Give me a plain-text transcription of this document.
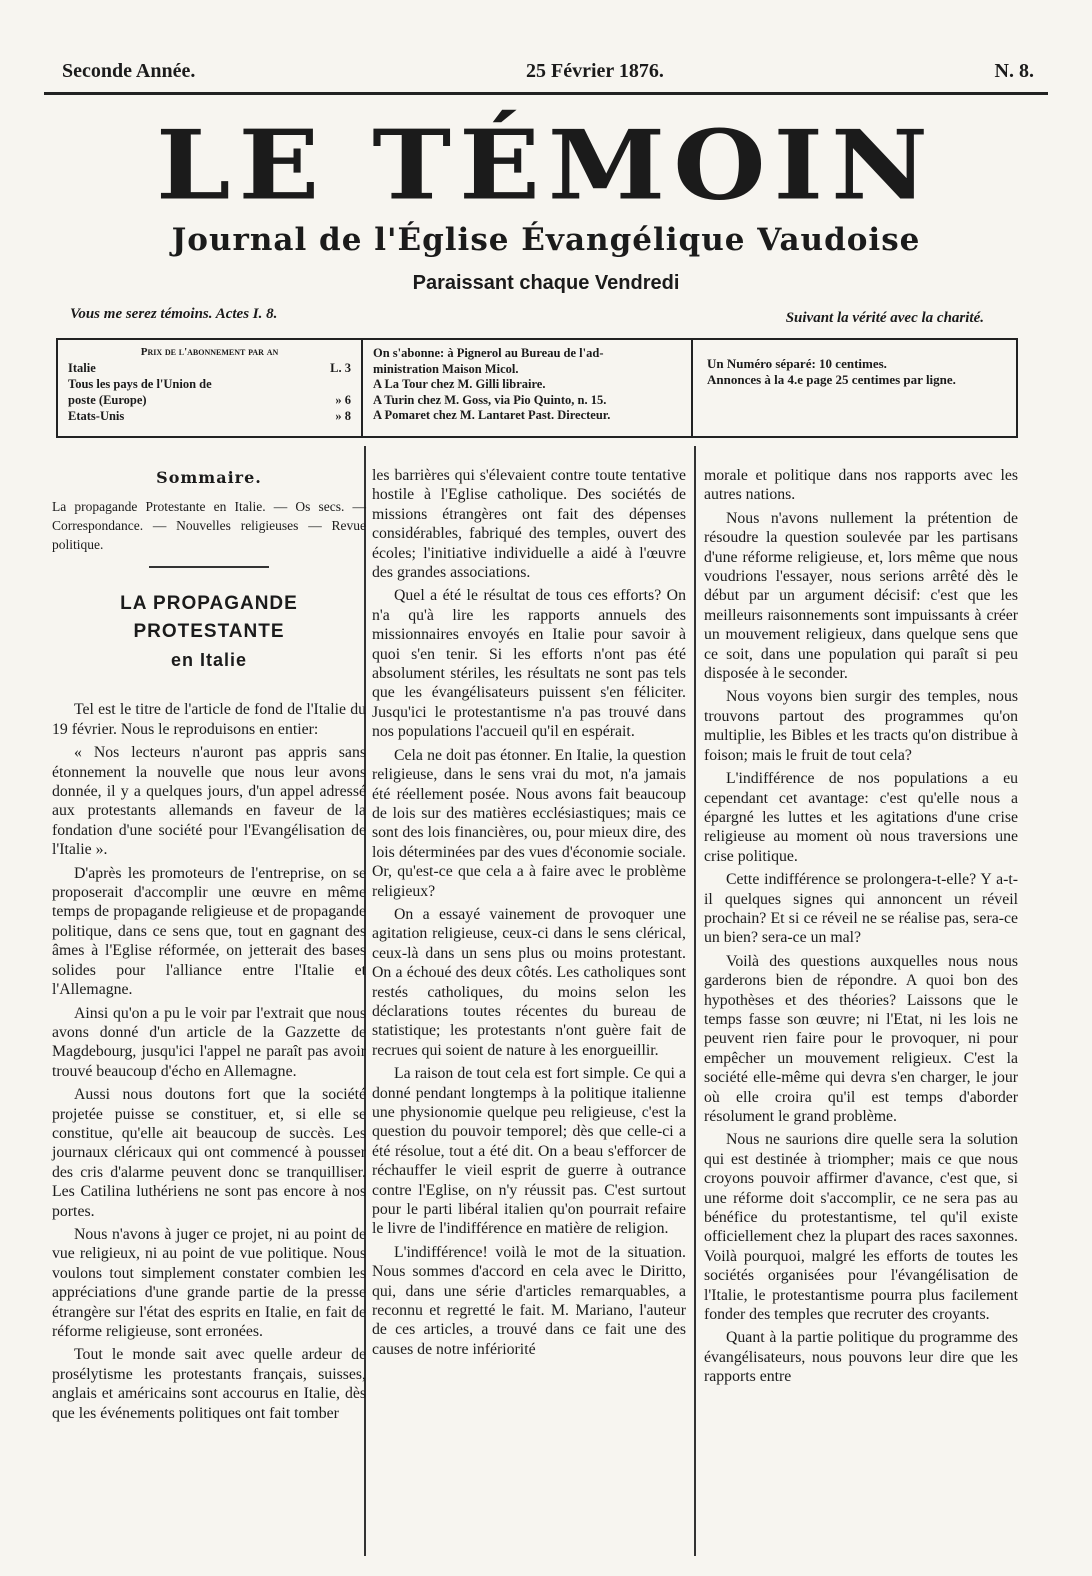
Seconde Année.	25 Février 1876.	N. 8.
LE TÉMOIN
Journal de l'Église Évangélique Vaudoise
Paraissant chaque Vendredi
Vous me serez témoins. Actes I. 8.	Suivant la vérité avec la charité.
Prix de l'abonnement par an
Italie	L. 3
Tous les pays de l'Union de
poste (Europe)	» 6
Etats-Unis	» 8
On s'abonne: à Pignerol au Bureau de l'ad-
ministration Maison Micol.
A La Tour chez M. Gilli libraire.
A Turin chez M. Goss, via Pio Quinto, n. 15.
A Pomaret chez M. Lantaret Past. Directeur.
Un Numéro séparé: 10 centimes.
Annonces à la 4.e page 25 centimes par ligne.
Sommaire.
La propagande Protestante en Italie. — Os secs. — Correspondance. — Nouvelles religieuses — Revue politique.
LA PROPAGANDE PROTESTANTE
en Italie

Tel est le titre de l'article de fond de l'Italie du 19 février. Nous le reproduisons en entier:

« Nos lecteurs n'auront pas appris sans étonnement la nouvelle que nous leur avons donnée, il y a quelques jours, d'un appel adressé aux protestants allemands en faveur de la fondation d'une société pour l'Evangélisation de l'Italie ».

D'après les promoteurs de l'entreprise, on se proposerait d'accomplir une œuvre en même temps de propagande religieuse et de propagande politique, dans ce sens que, tout en gagnant des âmes à l'Eglise réformée, on jetterait des bases solides pour l'alliance entre l'Italie et l'Allemagne.

Ainsi qu'on a pu le voir par l'extrait que nous avons donné d'un article de la Gazzette de Magdebourg, jusqu'ici l'appel ne paraît pas avoir trouvé beaucoup d'écho en Allemagne.

Aussi nous doutons fort que la société projetée puisse se constituer, et, si elle se constitue, qu'elle ait beaucoup de succès. Les journaux cléricaux qui ont commencé à pousser des cris d'alarme peuvent donc se tranquilliser. Les Catilina luthériens ne sont pas encore à nos portes.

Nous n'avons à juger ce projet, ni au point de vue religieux, ni au point de vue politique. Nous voulons tout simplement constater combien les appréciations d'une grande partie de la presse étrangère sur l'état des esprits en Italie, en fait de réforme religieuse, sont erronées.

Tout le monde sait avec quelle ardeur de prosélytisme les protestants français, suisses, anglais et américains sont accourus en Italie, dès que les événements politiques ont fait tomber

les barrières qui s'élevaient contre toute tentative hostile à l'Eglise catholique. Des sociétés de missions étrangères ont fait des dépenses considérables, fabriqué des temples, ouvert des écoles; l'initiative individuelle a aidé à l'œuvre des grandes associations.

Quel a été le résultat de tous ces efforts? On n'a qu'à lire les rapports annuels des missionnaires envoyés en Italie pour savoir à quoi s'en tenir. Si les efforts n'ont pas été absolument stériles, les résultats ne sont pas tels que les évangélisateurs puissent s'en féliciter. Jusqu'ici le protestantisme n'a pas trouvé dans nos populations l'accueil qu'il en espérait.

Cela ne doit pas étonner. En Italie, la question religieuse, dans le sens vrai du mot, n'a jamais été réellement posée. Nous avons fait beaucoup de lois sur des matières ecclésiastiques; mais ce sont des lois financières, ou, pour mieux dire, des lois déterminées par des vues d'économie sociale. Or, qu'est-ce que cela a à faire avec le problème religieux?

On a essayé vainement de provoquer une agitation religieuse, ceux-ci dans le sens clérical, ceux-là dans un sens plus ou moins protestant. On a échoué des deux côtés. Les catholiques sont restés catholiques, du moins selon les déclarations toutes récentes du bureau de statistique; les protestants n'ont guère fait de recrues qui soient de nature à les enorgueillir.

La raison de tout cela est fort simple. Ce qui a donné pendant longtemps à la politique italienne une physionomie quelque peu religieuse, c'est la question du pouvoir temporel; dès que celle-ci a été résolue, tout a été dit. On a beau s'efforcer de réchauffer le vieil esprit de guerre à outrance contre l'Eglise, on n'y réussit pas. C'est surtout pour le parti libéral italien qu'on pourrait refaire le livre de l'indifférence en matière de religion.

L'indifférence! voilà le mot de la situation. Nous sommes d'accord en cela avec le Diritto, qui, dans une série d'articles remarquables, a reconnu et regretté le fait. M. Mariano, l'auteur de ces articles, a trouvé dans ce fait une des causes de notre infériorité

morale et politique dans nos rapports avec les autres nations.

Nous n'avons nullement la prétention de résoudre la question soulevée par les partisans d'une réforme religieuse, et, lors même que nous voudrions l'essayer, nous serions arrêté dès le début par un argument décisif: c'est que les meilleurs raisonnements sont impuissants à créer un mouvement religieux, dans quelque sens que ce soit, dans une population qui paraît si peu disposée à le seconder.

Nous voyons bien surgir des temples, nous trouvons partout des programmes qu'on multiplie, les Bibles et les tracts qu'on distribue à foison; mais le fruit de tout cela?

L'indifférence de nos populations a eu cependant cet avantage: c'est qu'elle nous a épargné les luttes et les agitations d'une crise religieuse au moment où nous traversions une crise politique.

Cette indifférence se prolongera-t-elle? Y a-t-il quelques signes qui annoncent un réveil prochain? Et si ce réveil ne se réalise pas, sera-ce un bien? sera-ce un mal?

Voilà des questions auxquelles nous nous garderons bien de répondre. A quoi bon des hypothèses et des théories? Laissons que le temps fasse son œuvre; ni l'Etat, ni les lois ne peuvent rien faire pour le provoquer, ni pour empêcher un mouvement religieux. C'est la société elle-même qui devra s'en charger, le jour où elle croira qu'il est temps d'aborder résolument le grand problème.

Nous ne saurions dire quelle sera la solution qui est destinée à triompher; mais ce que nous croyons pouvoir affirmer d'avance, c'est que, si une réforme doit s'accomplir, ce ne sera pas au bénéfice du protestantisme, tel qu'il existe officiellement chez la plupart des races saxonnes. Voilà pourquoi, malgré les efforts de toutes les sociétés organisées pour l'évangélisation de l'Italie, le protestantisme pourra plus facilement fonder des temples que recruter des croyants.

Quant à la partie politique du programme des évangélisateurs, nous pouvons leur dire que les rapports entre
